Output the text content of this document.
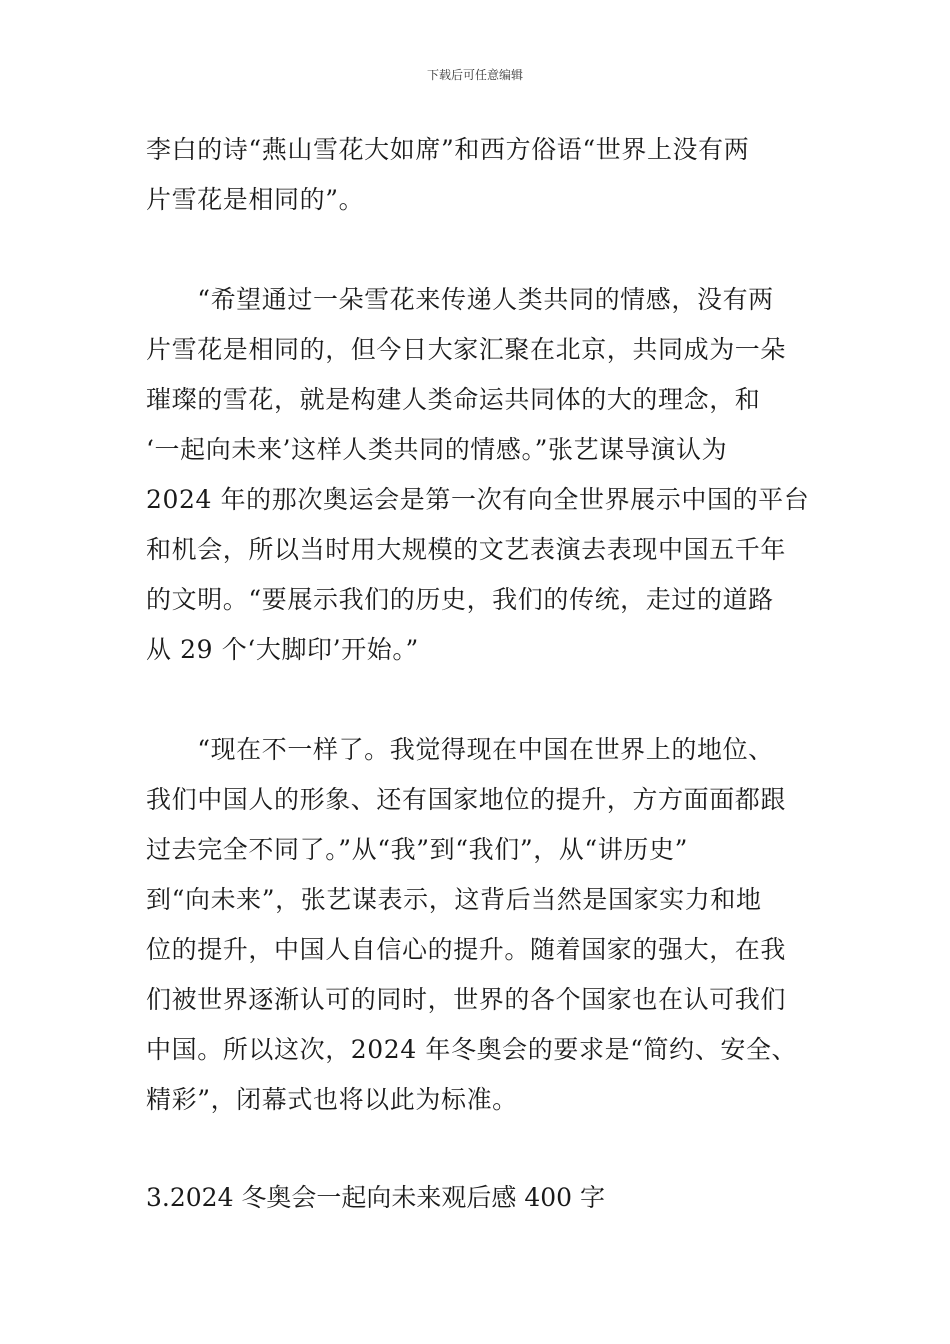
下载后可任意编辑
李白的诗“燕山雪花大如席”和西方俗语“世界上没有两
片雪花是相同的”。
　　“希望通过一朵雪花来传递人类共同的情感，没有两
片雪花是相同的，但今日大家汇聚在北京，共同成为一朵
璀璨的雪花，就是构建人类命运共同体的大的理念，和
‘一起向未来’这样人类共同的情感。”张艺谋导演认为
2024 年的那次奥运会是第一次有向全世界展示中国的平台
和机会，所以当时用大规模的文艺表演去表现中国五千年
的文明。“要展示我们的历史，我们的传统，走过的道路
从 29 个‘大脚印’开始。”
　　“现在不一样了。我觉得现在中国在世界上的地位、
我们中国人的形象、还有国家地位的提升，方方面面都跟
过去完全不同了。”从“我”到“我们”，从“讲历史”
到“向未来”，张艺谋表示，这背后当然是国家实力和地
位的提升，中国人自信心的提升。随着国家的强大，在我
们被世界逐渐认可的同时，世界的各个国家也在认可我们
中国。所以这次，2024 年冬奥会的要求是“简约、安全、
精彩”，闭幕式也将以此为标准。
3.2024 冬奥会一起向未来观后感 400 字
